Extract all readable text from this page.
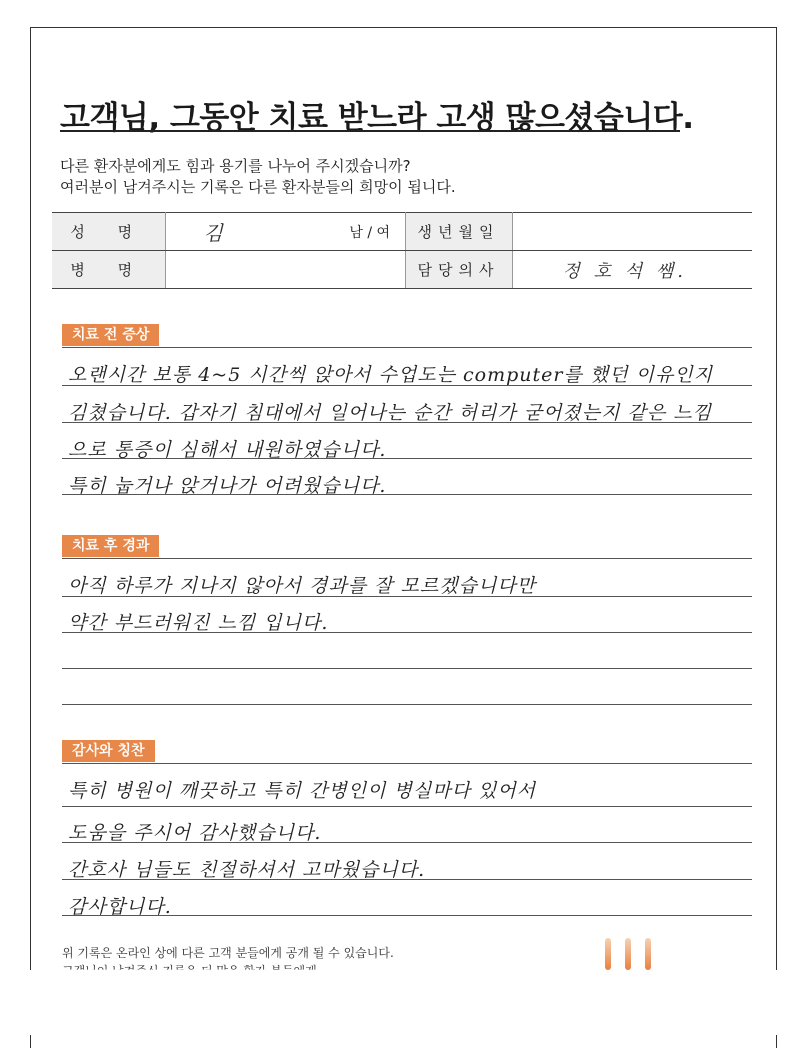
고객님, 그동안 치료 받느라 고생 많으셨습니다.
다른 환자분에게도 힘과 용기를 나누어 주시겠습니까?
여러분이 남겨주시는 기록은 다른 환자분들의 희망이 됩니다.
성 명	김	남 / 여	생년월일	
병 명			담당의사	정 호 석 쌤.
치료 전 증상
오랜시간 보통 4~5 시간씩 앉아서 수업도는 computer를 했던 이유인지
김쳤습니다. 갑자기 침대에서 일어나는 순간 허리가 굳어졌는지 같은 느낌
으로 통증이 심해서 내원하였습니다.
특히 눕거나 앉거나가 어려웠습니다.
치료 후 경과
아직 하루가 지나지 않아서 경과를 잘 모르겠습니다만
약간 부드러워진 느낌 입니다.
감사와 칭찬
특히 병원이 깨끗하고 특히 간병인이 병실마다 있어서
도움을 주시어 감사했습니다.
간호사 님들도 친절하셔서 고마웠습니다.
감사합니다.
위 기록은 온라인 상에 다른 고객 분들에게 공개 될 수 있습니다.
